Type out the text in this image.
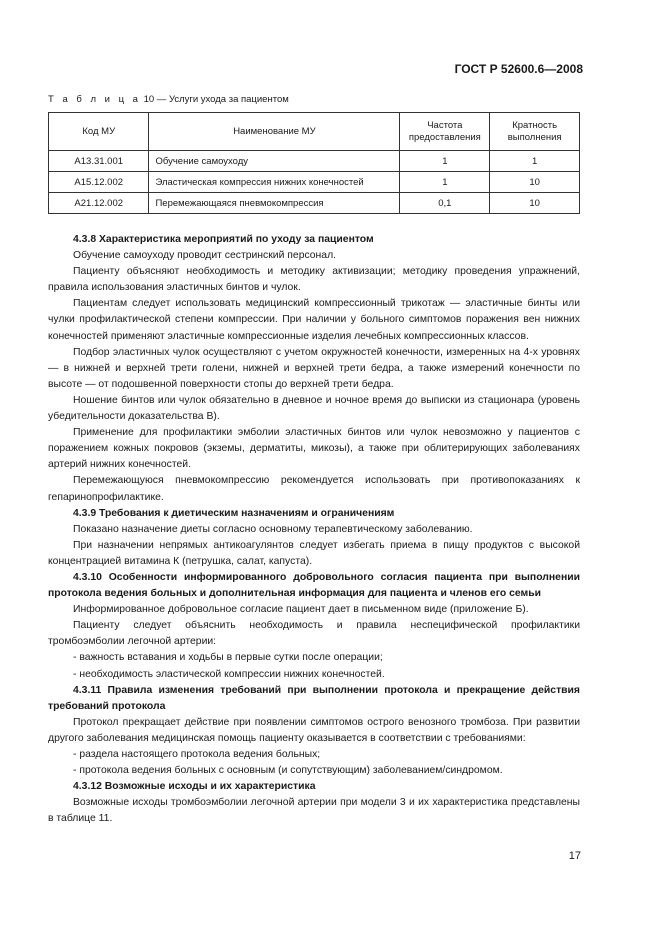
ГОСТ Р 52600.6—2008
Т а б л и ц а 10 — Услуги ухода за пациентом
Код МУ	Наименование МУ	Частота предоставления	Кратность выполнения
А13.31.001	Обучение самоуходу	1	1
А15.12.002	Эластическая компрессия нижних конечностей	1	10
А21.12.002	Перемежающаяся пневмокомпрессия	0,1	10

4.3.8 Характеристика мероприятий по уходу за пациентом

Обучение самоуходу проводит сестринский персонал.

Пациенту объясняют необходимость и методику активизации; методику проведения упражнений, правила использования эластичных бинтов и чулок.

Пациентам следует использовать медицинский компрессионный трикотаж — эластичные бинты или чулки профилактической степени компрессии. При наличии у больного симптомов поражения вен нижних конечностей применяют эластичные компрессионные изделия лечебных компрессионных классов.

Подбор эластичных чулок осуществляют с учетом окружностей конечности, измеренных на 4-х уровнях — в нижней и верхней трети голени, нижней и верхней трети бедра, а также измерений конечности по высоте — от подошвенной поверхности стопы до верхней трети бедра.

Ношение бинтов или чулок обязательно в дневное и ночное время до выписки из стационара (уровень убедительности доказательства В).

Применение для профилактики эмболии эластичных бинтов или чулок невозможно у пациентов с поражением кожных покровов (экземы, дерматиты, микозы), а также при облитерирующих заболеваниях артерий нижних конечностей.

Перемежающуюся пневмокомпрессию рекомендуется использовать при противопоказаниях к гепаринопрофилактике.

4.3.9 Требования к диетическим назначениям и ограничениям

Показано назначение диеты согласно основному терапевтическому заболеванию.

При назначении непрямых антикоагулянтов следует избегать приема в пищу продуктов с высокой концентрацией витамина К (петрушка, салат, капуста).

4.3.10 Особенности информированного добровольного согласия пациента при выполнении протокола ведения больных и дополнительная информация для пациента и членов его семьи

Информированное добровольное согласие пациент дает в письменном виде (приложение Б).

Пациенту следует объяснить необходимость и правила неспецифической профилактики тромбоэмболии легочной артерии:

- важность вставания и ходьбы в первые сутки после операции;

- необходимость эластической компрессии нижних конечностей.

4.3.11 Правила изменения требований при выполнении протокола и прекращение действия требований протокола

Протокол прекращает действие при появлении симптомов острого венозного тромбоза. При развитии другого заболевания медицинская помощь пациенту оказывается в соответствии с требованиями:

- раздела настоящего протокола ведения больных;

- протокола ведения больных с основным (и сопутствующим) заболеванием/синдромом.

4.3.12 Возможные исходы и их характеристика

Возможные исходы тромбоэмболии легочной артерии при модели 3 и их характеристика представлены в таблице 11.

17
